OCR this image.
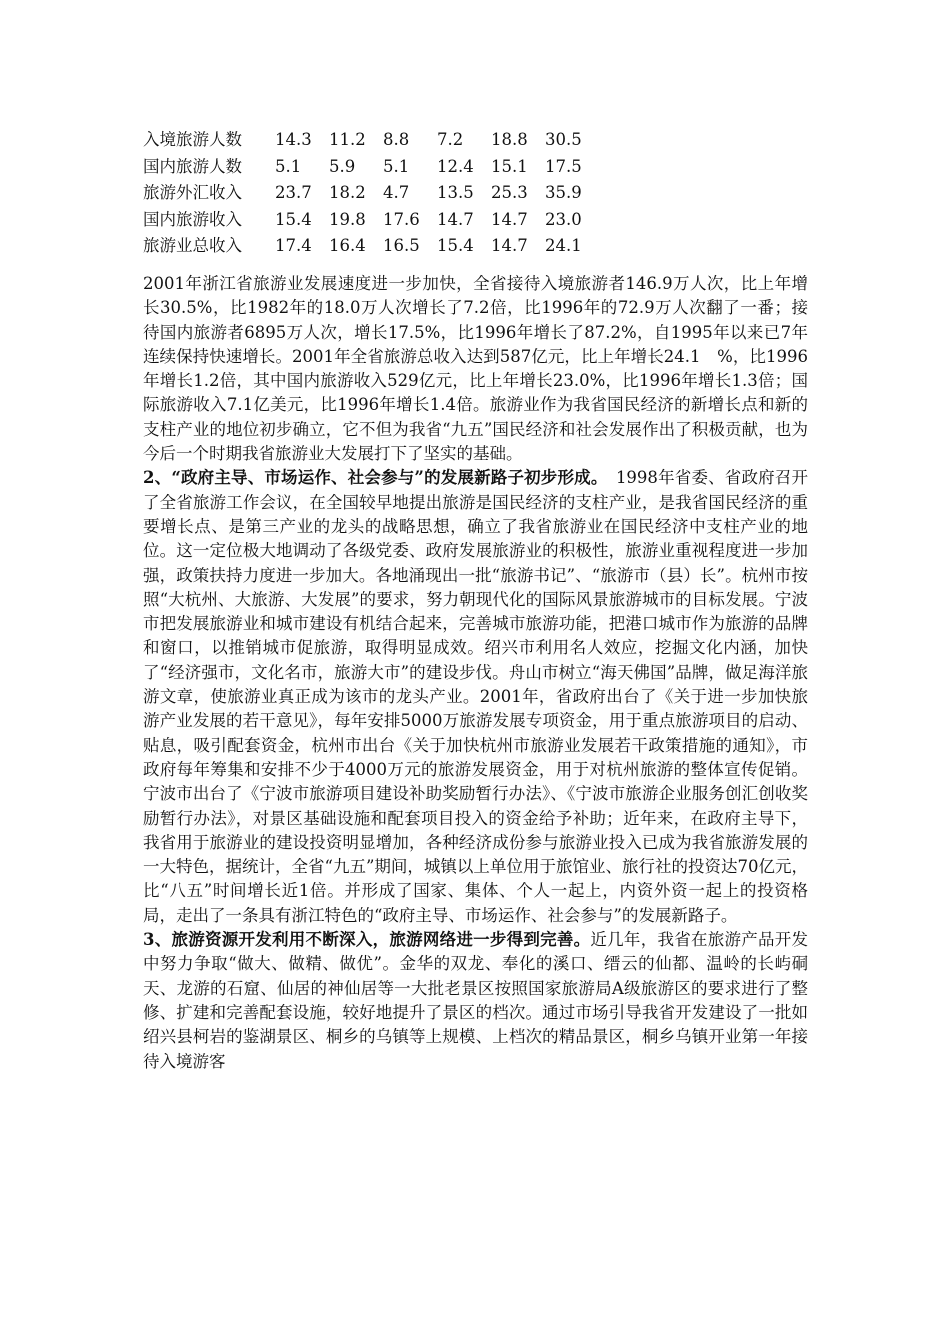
入境旅游人数 14.3 11.2 8.8 7.2 18.8 30.5
国内旅游人数 5.1 5.9 5.1 12.4 15.1 17.5
旅游外汇收入 23.7 18.2 4.7 13.5 25.3 35.9
国内旅游收入 15.4 19.8 17.6 14.7 14.7 23.0
旅游业总收入 17.4 16.4 16.5 15.4 14.7 24.1

2001年浙江省旅游业发展速度进一步加快，全省接待入境旅游者146.9万人次，比上年增长30.5%，比1982年的18.0万人次增长了7.2倍，比1996年的72.9万人次翻了一番；接待国内旅游者6895万人次，增长17.5%，比1996年增长了87.2%，自1995年以来已7年连续保持快速增长。2001年全省旅游总收入达到587亿元，比上年增长24.1　%，比1996年增长1.2倍，其中国内旅游收入529亿元，比上年增长23.0%，比1996年增长1.3倍；国际旅游收入7.1亿美元，比1996年增长1.4倍。旅游业作为我省国民经济的新增长点和新的支柱产业的地位初步确立，它不但为我省“九五”国民经济和社会发展作出了积极贡献，也为今后一个时期我省旅游业大发展打下了坚实的基础。

2、“政府主导、市场运作、社会参与”的发展新路子初步形成。　1998年省委、省政府召开了全省旅游工作会议，在全国较早地提出旅游是国民经济的支柱产业，是我省国民经济的重要增长点、是第三产业的龙头的战略思想，确立了我省旅游业在国民经济中支柱产业的地位。这一定位极大地调动了各级党委、政府发展旅游业的积极性，旅游业重视程度进一步加强，政策扶持力度进一步加大。各地涌现出一批“旅游书记”、“旅游市（县）长”。杭州市按照“大杭州、大旅游、大发展”的要求，努力朝现代化的国际风景旅游城市的目标发展。宁波市把发展旅游业和城市建设有机结合起来，完善城市旅游功能，把港口城市作为旅游的品牌和窗口，以推销城市促旅游，取得明显成效。绍兴市利用名人效应，挖掘文化内涵，加快了“经济强市，文化名市，旅游大市”的建设步伐。舟山市树立“海天佛国”品牌，做足海洋旅游文章，使旅游业真正成为该市的龙头产业。2001年，省政府出台了《关于进一步加快旅游产业发展的若干意见》，每年安排5000万旅游发展专项资金，用于重点旅游项目的启动、贴息，吸引配套资金，杭州市出台《关于加快杭州市旅游业发展若干政策措施的通知》，市政府每年筹集和安排不少于4000万元的旅游发展资金，用于对杭州旅游的整体宣传促销。宁波市出台了《宁波市旅游项目建设补助奖励暂行办法》、《宁波市旅游企业服务创汇创收奖励暂行办法》，对景区基础设施和配套项目投入的资金给予补助；近年来，在政府主导下，我省用于旅游业的建设投资明显增加，各种经济成份参与旅游业投入已成为我省旅游发展的一大特色，据统计，全省“九五”期间，城镇以上单位用于旅馆业、旅行社的投资达70亿元，比“八五”时间增长近1倍。并形成了国家、集体、个人一起上，内资外资一起上的投资格局，走出了一条具有浙江特色的“政府主导、市场运作、社会参与”的发展新路子。

3、旅游资源开发利用不断深入，旅游网络进一步得到完善。近几年，我省在旅游产品开发中努力争取“做大、做精、做优”。金华的双龙、奉化的溪口、缙云的仙都、温岭的长屿硐天、龙游的石窟、仙居的神仙居等一大批老景区按照国家旅游局A级旅游区的要求进行了整修、扩建和完善配套设施，较好地提升了景区的档次。通过市场引导我省开发建设了一批如绍兴县柯岩的鉴湖景区、桐乡的乌镇等上规模、上档次的精品景区，桐乡乌镇开业第一年接待入境游客
